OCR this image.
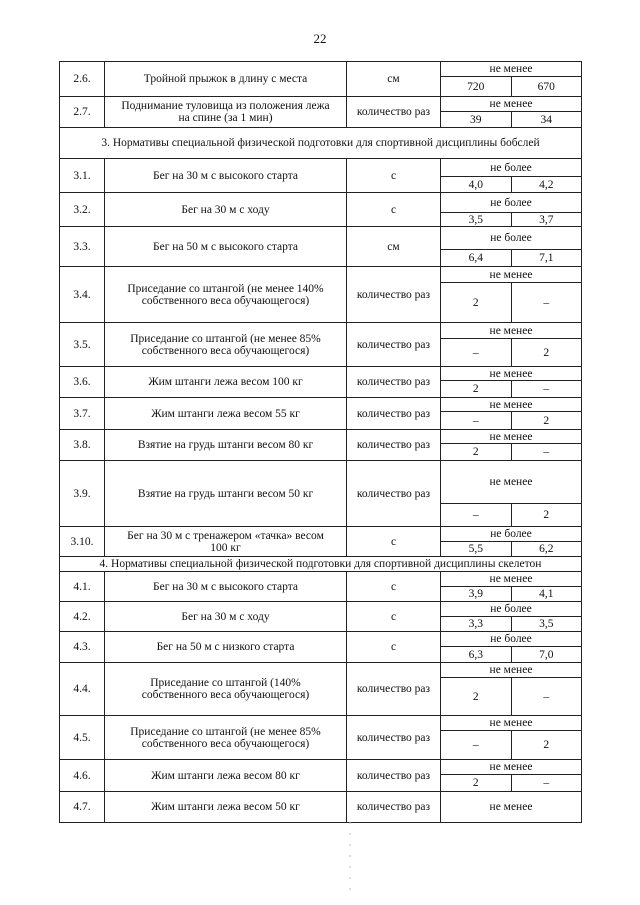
22
2.6.	Тройной прыжок в длину с места	см	не менее
720 670

2.7.	Поднимание туловища из положения лежа на спине (за 1 мин)	количество раз	не менее
39 34

3. Нормативы специальной физической подготовки для спортивной дисциплины бобслей			
3.1.	Бег на 30 м с высокого старта	с	не более
4,0 4,2

3.2.	Бег на 30 м с ходу	с	не более
3,5 3,7

3.3.	Бег на 50 м с высокого старта	см	не более
6,4 7,1

3.4.	Приседание со штангой (не менее 140% собственного веса обучающегося)	количество раз	не менее
2 –

3.5.	Приседание со штангой (не менее 85% собственного веса обучающегося)	количество раз	не менее
– 2

3.6.	Жим штанги лежа весом 100 кг	количество раз	не менее
2 –

3.7.	Жим штанги лежа весом 55 кг	количество раз	не менее
– 2

3.8.	Взятие на грудь штанги весом 80 кг	количество раз	не менее
2 –

3.9.	Взятие на грудь штанги весом 50 кг	количество раз	не менее
– 2

3.10.	Бег на 30 м с тренажером «тачка» весом 100 кг	с	не более
5,5 6,2

4. Нормативы специальной физической подготовки для спортивной дисциплины скелетон			
4.1.	Бег на 30 м с высокого старта	с	не менее
3,9 4,1

4.2.	Бег на 30 м с ходу	с	не более
3,3 3,5

4.3.	Бег на 50 м с низкого старта	с	не более
6,3 7,0

4.4.	Приседание со штангой (140% собственного веса обучающегося)	количество раз	не менее
2 –

4.5.	Приседание со штангой (не менее 85% собственного веса обучающегося)	количество раз	не менее
– 2

4.6.	Жим штанги лежа весом 80 кг	количество раз	не менее
2 –

4.7.	Жим штанги лежа весом 50 кг	количество раз	не менее
